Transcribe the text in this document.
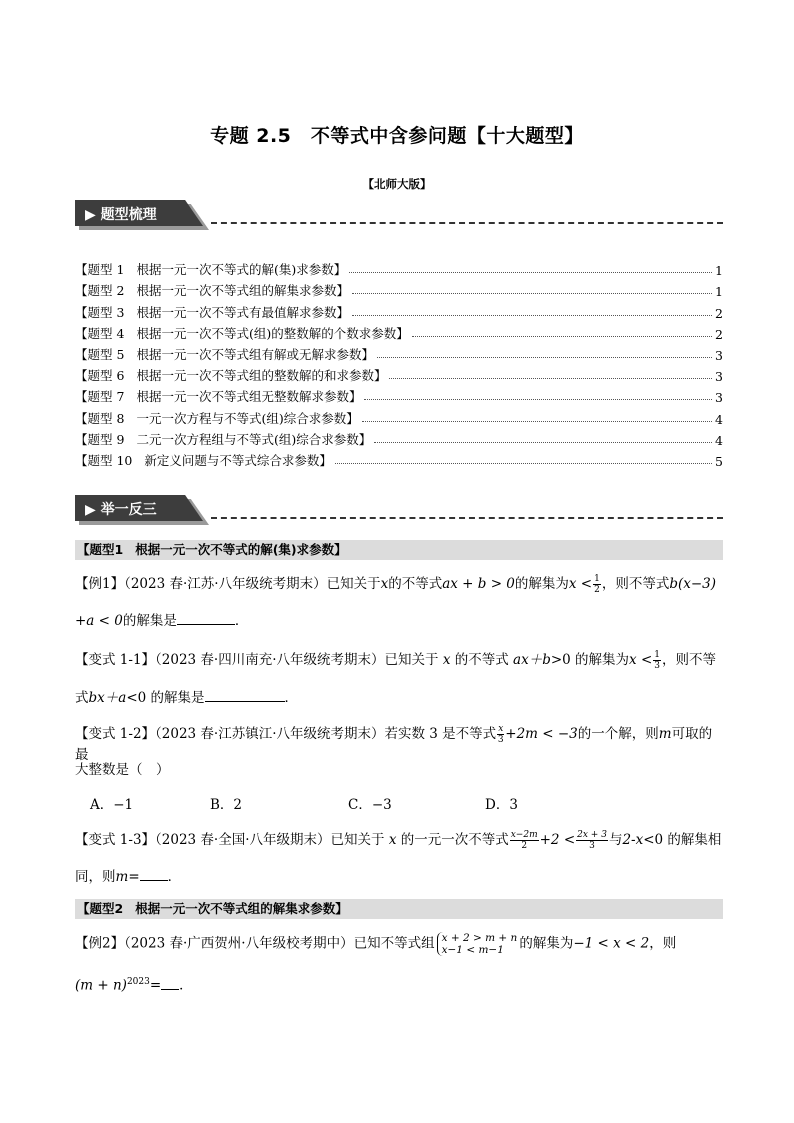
专题 2.5　不等式中含参问题【十大题型】
【北师大版】
▶ 题型梳理
【题型 1 根据一元一次不等式的解(集)求参数】	1
【题型 2 根据一元一次不等式组的解集求参数】	1
【题型 3 根据一元一次不等式有最值解求参数】	2
【题型 4 根据一元一次不等式(组)的整数解的个数求参数】	2
【题型 5 根据一元一次不等式组有解或无解求参数】	3
【题型 6 根据一元一次不等式组的整数解的和求参数】	3
【题型 7 根据一元一次不等式组无整数解求参数】	3
【题型 8 一元一次方程与不等式(组)综合求参数】	4
【题型 9 二元一次方程组与不等式(组)综合求参数】	4
【题型 10 新定义问题与不等式综合求参数】	5
▶ 举一反三
【题型1 根据一元一次不等式的解(集)求参数】
【例1】（2023 春·江苏·八年级统考期末）已知关于x的不等式ax + b > 0的解集为$x < \frac{1}{2}$ ，则不等式b(x−3)
+a < 0的解集是	．
【变式 1-1】（2023 春·四川南充·八年级统考期末）已知关于 x 的不等式 ax＋b>0 的解集为$x < \frac{1}{3}$ ，则不等
式bx＋a<0 的解集是	．
【变式 1-2】（2023 春·江苏镇江·八年级统考期末）若实数 3 是不等式 $\frac{x}{3} +2m < -3$的一个解，则m可取的最
大整数是（　）
A．−1	B．2	C．−3	D．3
【变式 1-3】（2023 春·全国·八年级期末）已知关于 x 的一元一次不等式 $\frac{x-2m}{2} +2 < \frac{2x + 3}{3}$ 与2-x<0 的解集相
同，则m= ．
【题型2 根据一元一次不等式组的解集求参数】
【例2】（2023 春·广西贺州·八年级校考期中）已知不等式组 x + 2 > m + n
x−1 < m−1	的解集为−1 < x < 2，则
$(m + n)^{2023}=$ ．
